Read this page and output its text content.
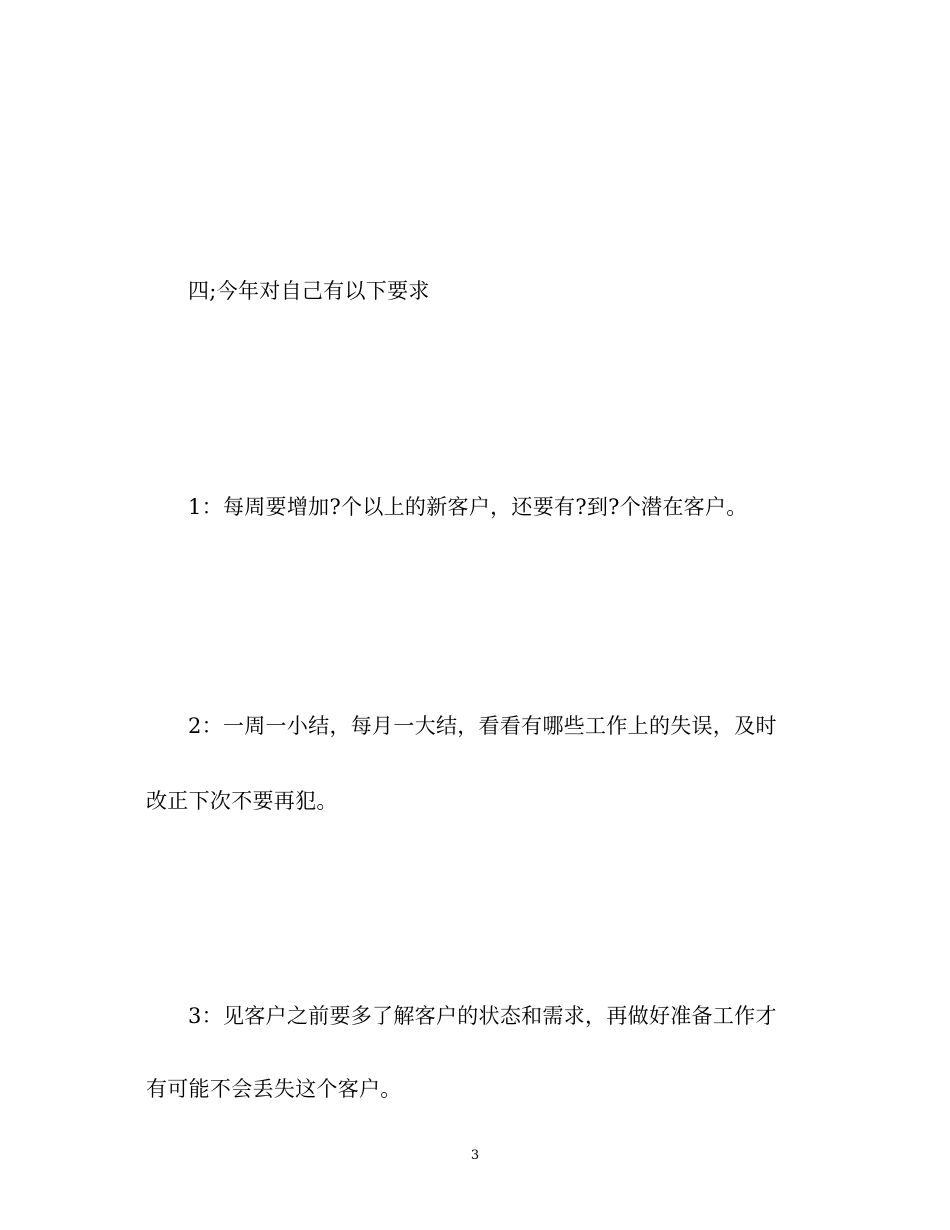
四;今年对自己有以下要求
1：每周要增加?个以上的新客户，还要有?到?个潜在客户。
2：一周一小结，每月一大结，看看有哪些工作上的失误，及时
改正下次不要再犯。
3：见客户之前要多了解客户的状态和需求，再做好准备工作才
有可能不会丢失这个客户。
3
